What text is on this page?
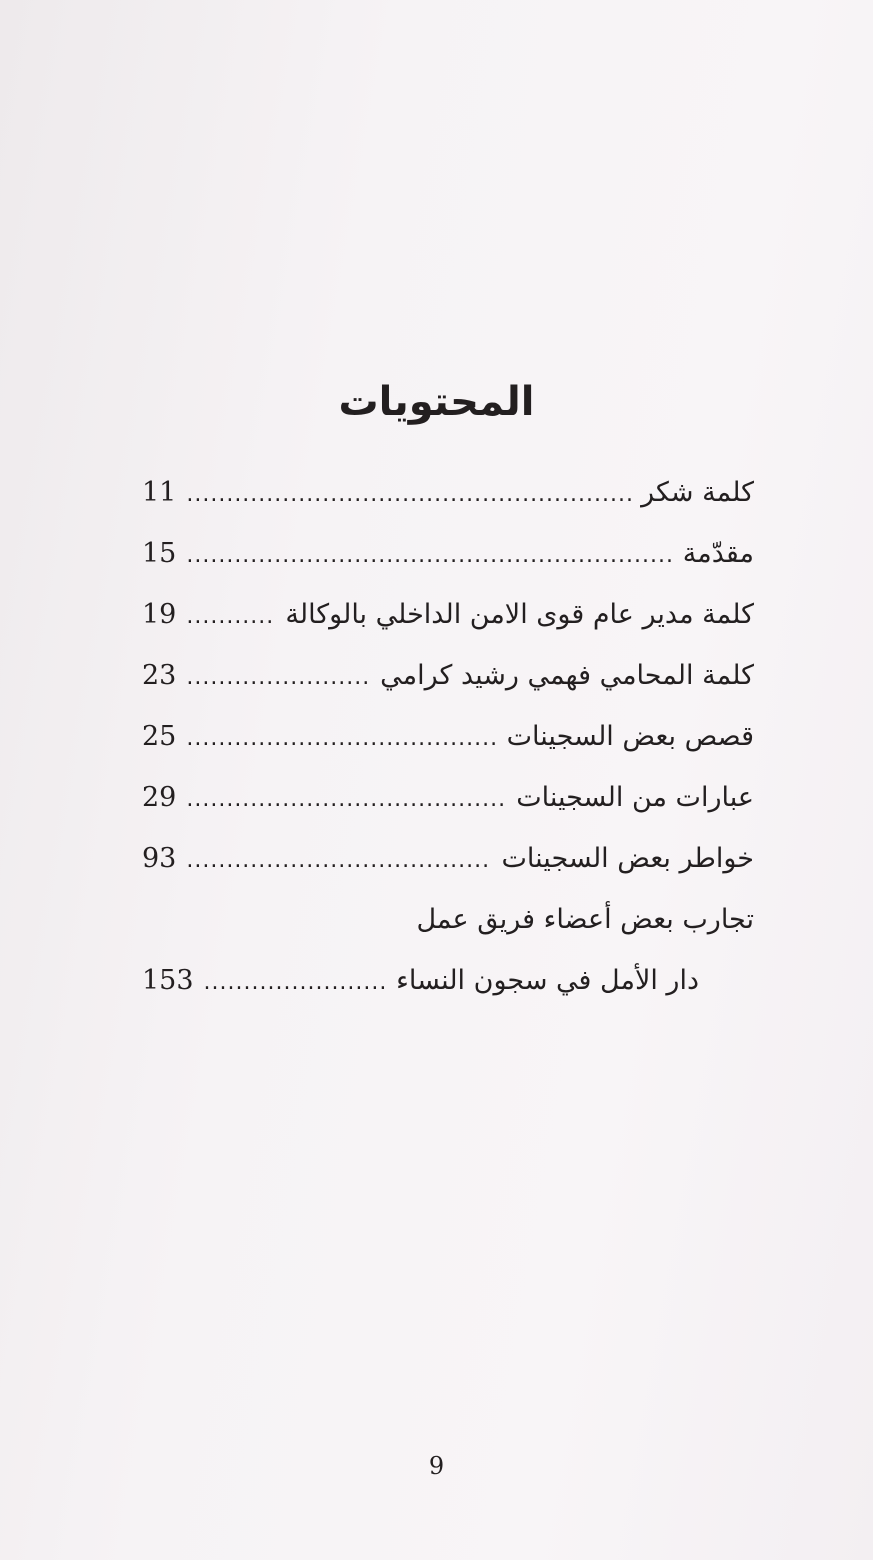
المحتويات
كلمة شكر
.....
11
مقدّمة
.....
15
كلمة مدير عام قوى الامن الداخلي بالوكالة
.....
19
كلمة المحامي فهمي رشيد كرامي
.....
23
قصص بعض السجينات
.....
25
عبارات من السجينات
.....
29
خواطر بعض السجينات
.....
93
تجارب بعض أعضاء فريق عمل
دار الأمل في سجون النساء
.....
153
9
